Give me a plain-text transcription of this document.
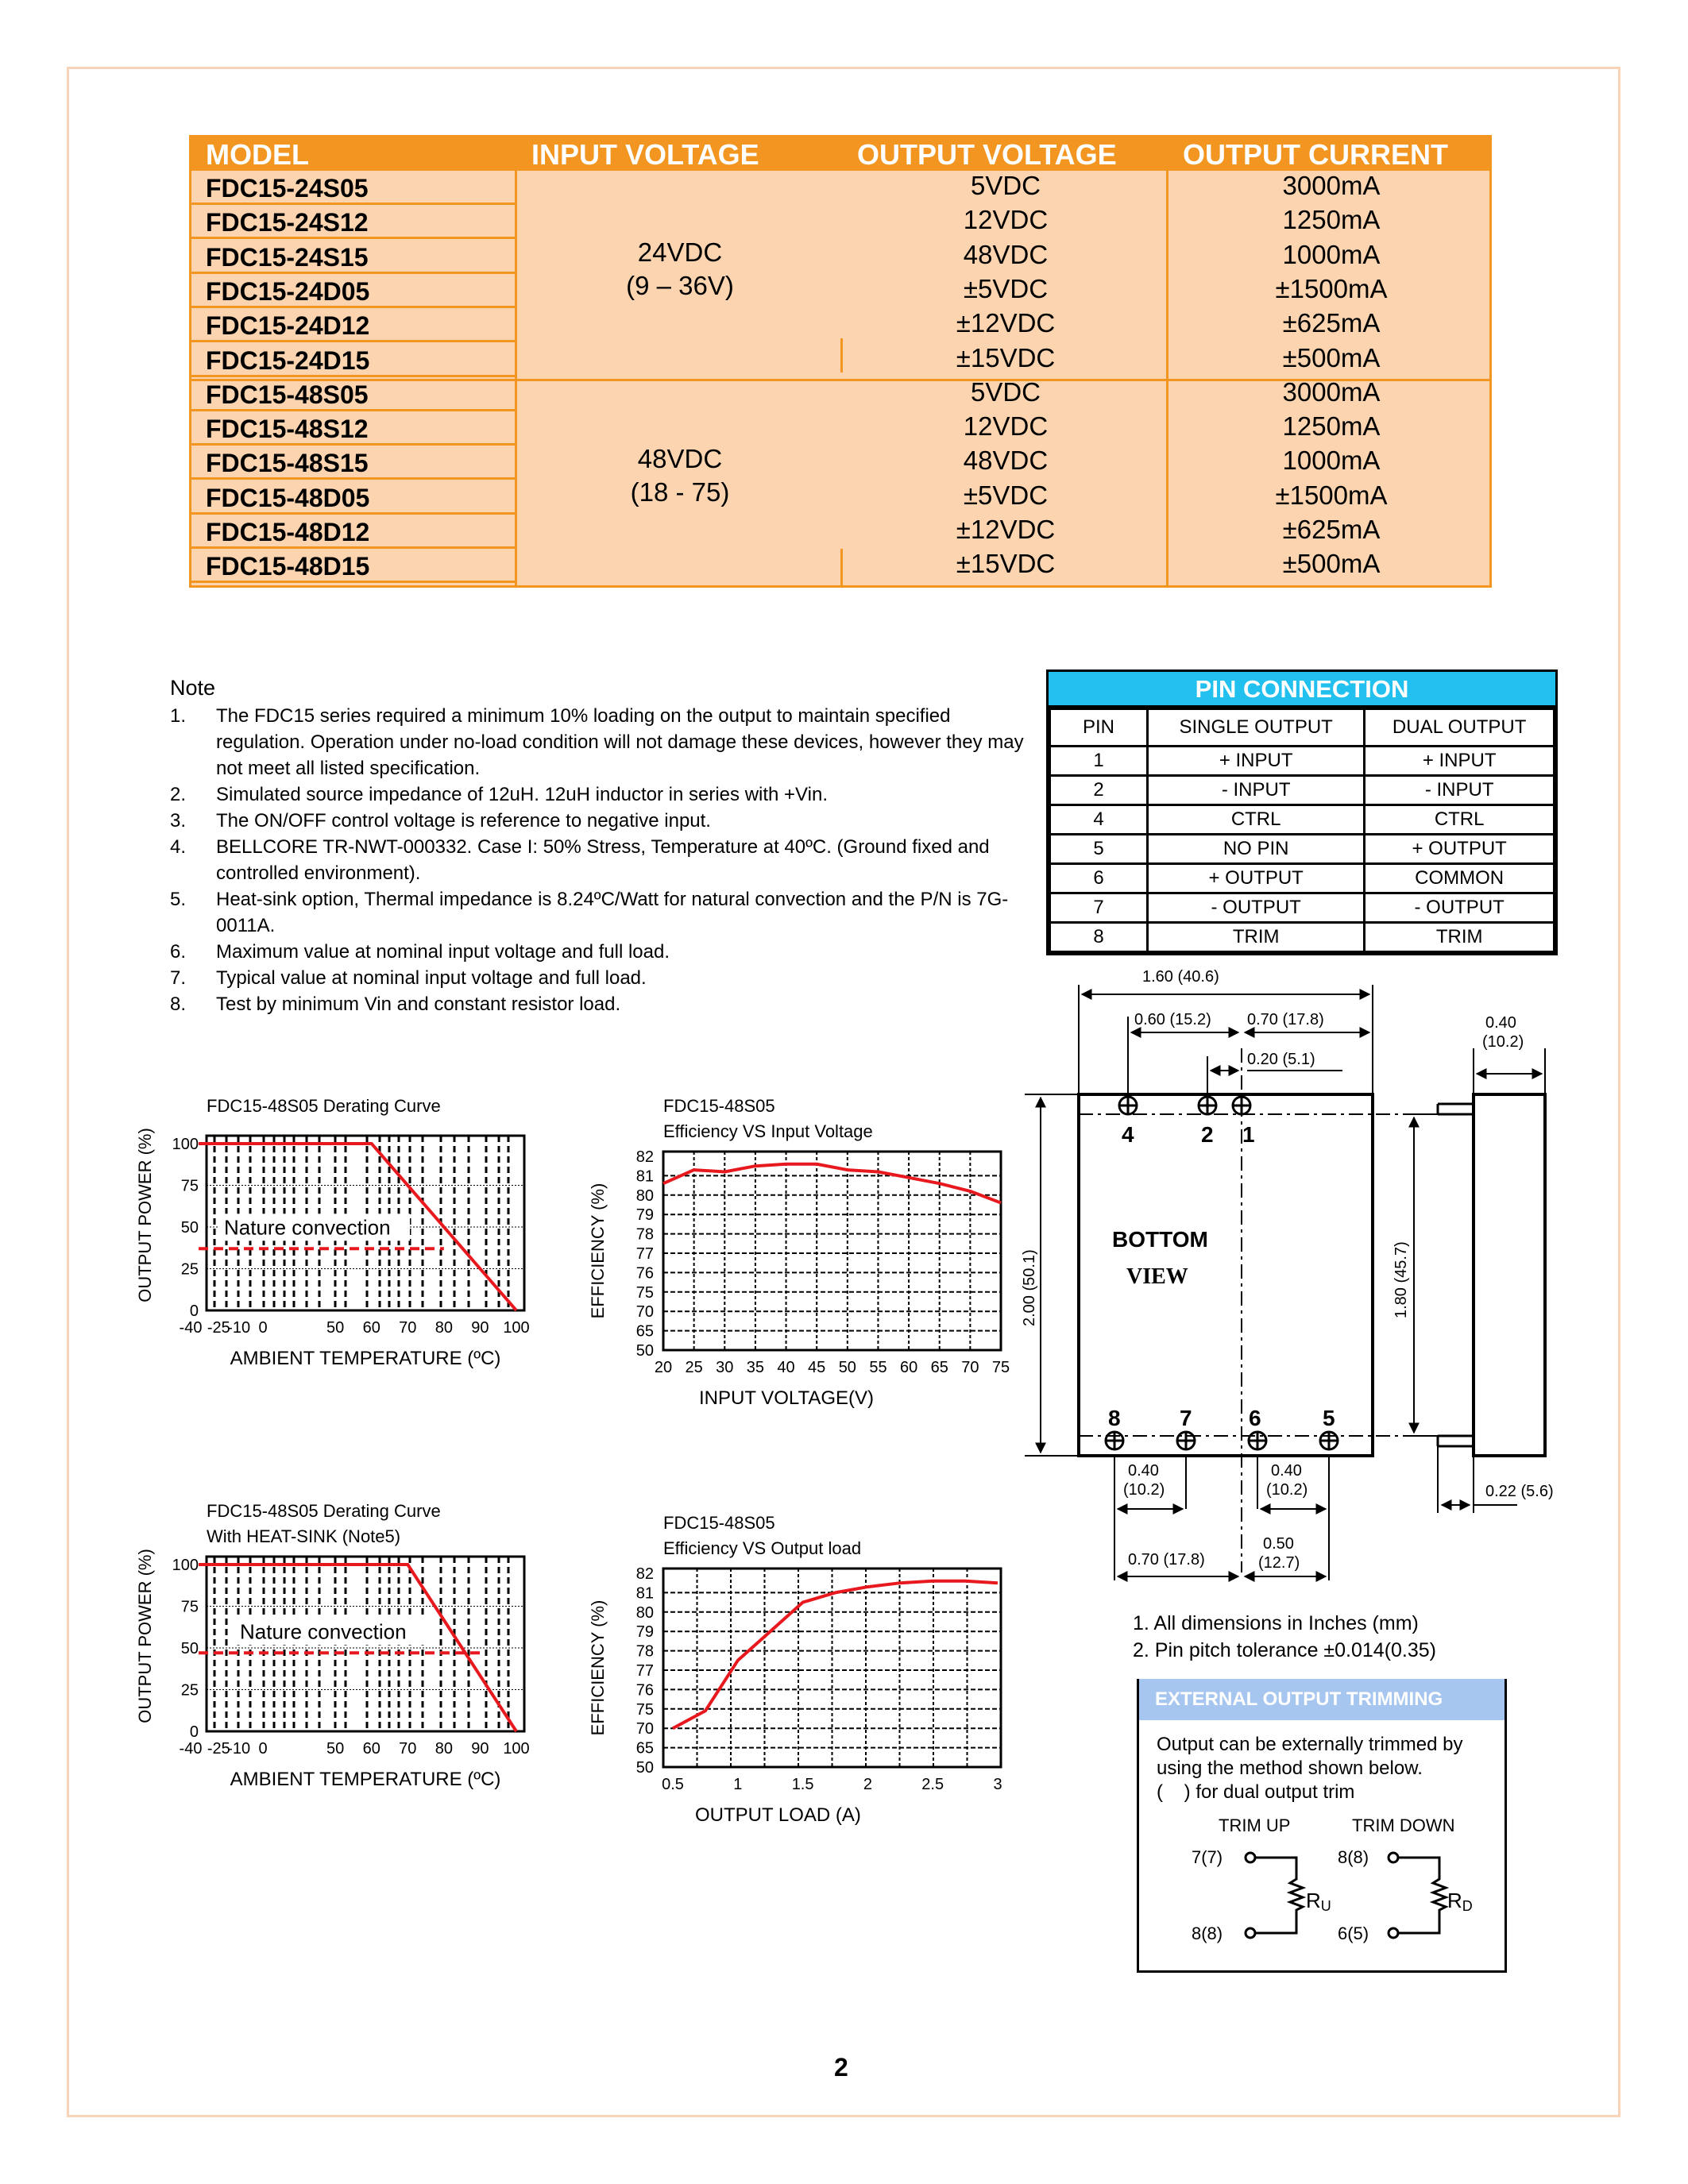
MODEL	INPUT VOLTAGE	OUTPUT VOLTAGE	OUTPUT CURRENT
FDC15-24S05	5VDC	3000mA
FDC15-24S12	12VDC	1250mA
FDC15-24S15	48VDC	1000mA
FDC15-24D05	±5VDC	±1500mA
FDC15-24D12	±12VDC	±625mA
FDC15-24D15	±15VDC	±500mA
24VDC
(9 – 36V)
FDC15-48S05	5VDC	3000mA
FDC15-48S12	12VDC	1250mA
FDC15-48S15	48VDC	1000mA
FDC15-48D05	±5VDC	±1500mA
FDC15-48D12	±12VDC	±625mA
FDC15-48D15	±15VDC	±500mA
48VDC
(18 - 75)
Note
1.	The FDC15 series required a minimum 10% loading on the output to maintain specified regulation. Operation under no-load condition will not damage these devices, however they may not meet all listed specification.
2.	Simulated source impedance of 12uH. 12uH inductor in series with +Vin.
3.	The ON/OFF control voltage is reference to negative input.
4.	BELLCORE TR-NWT-000332. Case I: 50% Stress, Temperature at 40ºC. (Ground fixed and controlled environment).
5.	Heat-sink option, Thermal impedance is 8.24ºC/Watt for natural convection and the P/N is 7G-0011A.
6.	Maximum value at nominal input voltage and full load.
7.	Typical value at nominal input voltage and full load.
8.	Test by minimum Vin and constant resistor load.
PIN CONNECTION
PIN	SINGLE OUTPUT	DUAL OUTPUT
1	+ INPUT	+ INPUT
2	- INPUT	- INPUT
4	CTRL	CTRL
5	NO PIN	+ OUTPUT
6	+ OUTPUT	COMMON
7	- OUTPUT	- OUTPUT
8	TRIM	TRIM
FDC15-48S05 Derating Curve
0
25
50
75
100
-40 -25
-10 0	50 60 70 80 90 100
AMBIENT TEMPERATURE (ºC)
OUTPUT POWER (%)	Nature convection
FDC15-48S05
Efficiency VS Input Voltage
50
65
70
75
76
77
78
79
80
81
82
20 25 30 35 40 45 50 55 60 65 70 75
INPUT VOLTAGE(V)
EFFICIENCY (%)
FDC15-48S05 Derating Curve
With HEAT-SINK (Note5)
0
25
50
75
100
-40 -25
-10 0	50 60 70 80 90 100
AMBIENT TEMPERATURE (ºC)
OUTPUT POWER (%)	Nature convection
FDC15-48S05
Efficiency VS Output load
50
65
70
75
76
77
78
79
80
81
82
0.5	1	1.5	2	2.5	3
OUTPUT LOAD (A)
EFFICIENCY (%)
1.60 (40.6)
0.60 (15.2) 0.70 (17.8)
0.20 (5.1)
0.40
(10.2)
2.00 (50.1)	1.80 (45.7)
0.40
(10.2)
0.40
(10.2)
0.70 (17.8)
0.50
(12.7)
0.22 (5.6)
4	2 1
8	7	6	5
BOTTOM
VIEW
1. All dimensions in Inches (mm)
2. Pin pitch tolerance ±0.014(0.35)
EXTERNAL OUTPUT TRIMMING
Output can be externally trimmed by
using the method shown below.
(    ) for dual output trim
TRIM UP	TRIM DOWN
7(7)
8(8)
8(8)
6(5)
RU	RD
2
